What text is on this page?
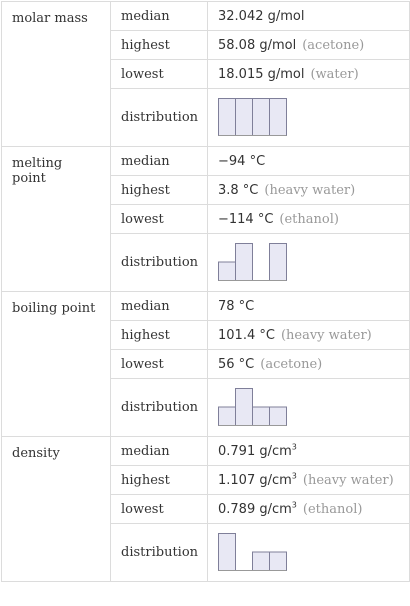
molar mass	median	32.042 g/mol
	highest	58.08 g/mol (acetone)
	lowest	18.015 g/mol (water)
	distribution	

melting point	median	−94 °C
	highest	3.8 °C (heavy water)
	lowest	−114 °C (ethanol)
	distribution	

boiling point	median	78 °C
	highest	101.4 °C (heavy water)
	lowest	56 °C (acetone)
	distribution	

density	median	0.791 $g/cm^3$
	highest	1.107 $g/cm^3$ (heavy water)
	lowest	0.789 $g/cm^3$ (ethanol)
	distribution	
